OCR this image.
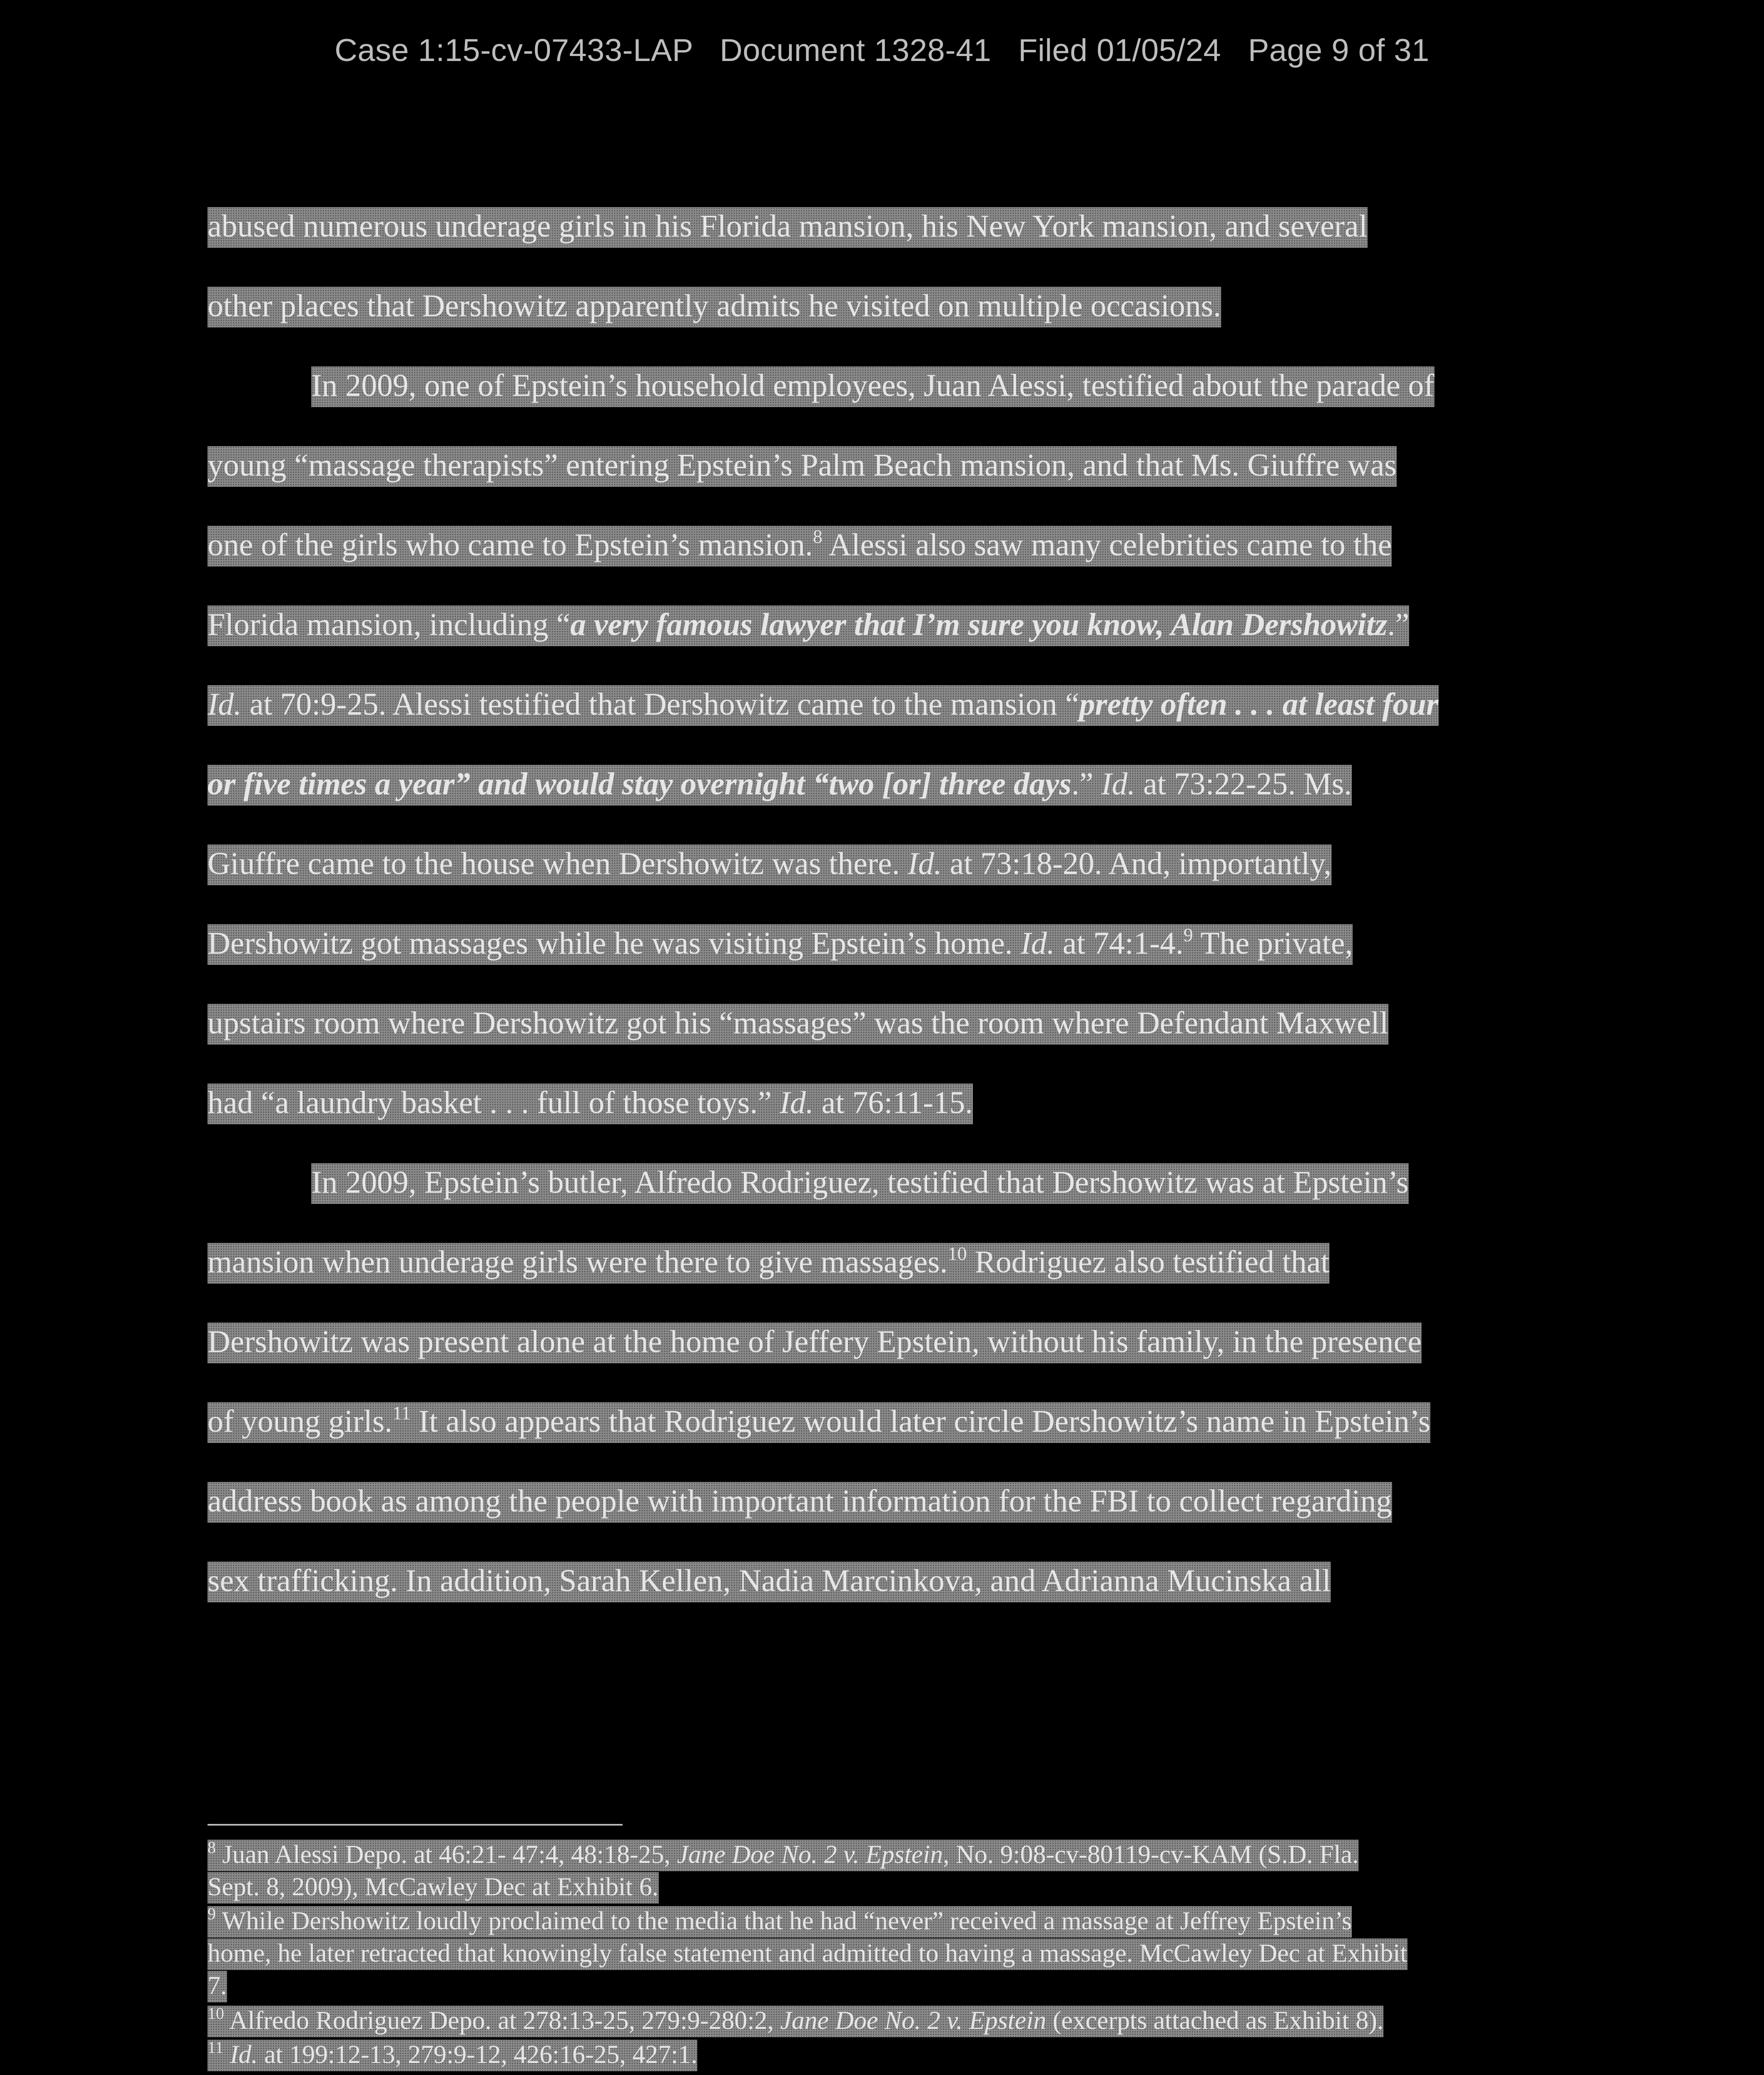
Case 1:15-cv-07433-LAP Document 1328-41 Filed 01/05/24 Page 9 of 31
abused numerous underage girls in his Florida mansion, his New York mansion, and several
other places that Dershowitz apparently admits he visited on multiple occasions.
In 2009, one of Epstein’s household employees, Juan Alessi, testified about the parade of
young “massage therapists” entering Epstein’s Palm Beach mansion, and that Ms. Giuffre was
one of the girls who came to Epstein’s mansion.$^8$ Alessi also saw many celebrities came to the
Florida mansion, including “a very famous lawyer that I’m sure you know, Alan Dershowitz.”
Id. at 70:9-25. Alessi testified that Dershowitz came to the mansion “pretty often . . . at least four
or five times a year” and would stay overnight “two [or] three days.” Id. at 73:22-25. Ms.
Giuffre came to the house when Dershowitz was there. Id. at 73:18-20. And, importantly,
Dershowitz got massages while he was visiting Epstein’s home. Id. at 74:1-4.$^9$ The private,
upstairs room where Dershowitz got his “massages” was the room where Defendant Maxwell
had “a laundry basket . . . full of those toys.” Id. at 76:11-15.
In 2009, Epstein’s butler, Alfredo Rodriguez, testified that Dershowitz was at Epstein’s
mansion when underage girls were there to give massages.$^{10}$ Rodriguez also testified that
Dershowitz was present alone at the home of Jeffery Epstein, without his family, in the presence
of young girls.$^{11}$ It also appears that Rodriguez would later circle Dershowitz’s name in Epstein’s
address book as among the people with important information for the FBI to collect regarding
sex trafficking. In addition, Sarah Kellen, Nadia Marcinkova, and Adrianna Mucinska all
$^8$ Juan Alessi Depo. at 46:21- 47:4, 48:18-25, Jane Doe No. 2 v. Epstein, No. 9:08-cv-80119-cv-KAM (S.D. Fla.
Sept. 8, 2009), McCawley Dec at Exhibit 6.
$^9$ While Dershowitz loudly proclaimed to the media that he had “never” received a massage at Jeffrey Epstein’s
home, he later retracted that knowingly false statement and admitted to having a massage. McCawley Dec at Exhibit
7.
$^{10}$ Alfredo Rodriguez Depo. at 278:13-25, 279:9-280:2, Jane Doe No. 2 v. Epstein (excerpts attached as Exhibit 8).
$^{11}$ Id. at 199:12-13, 279:9-12, 426:16-25, 427:1.
